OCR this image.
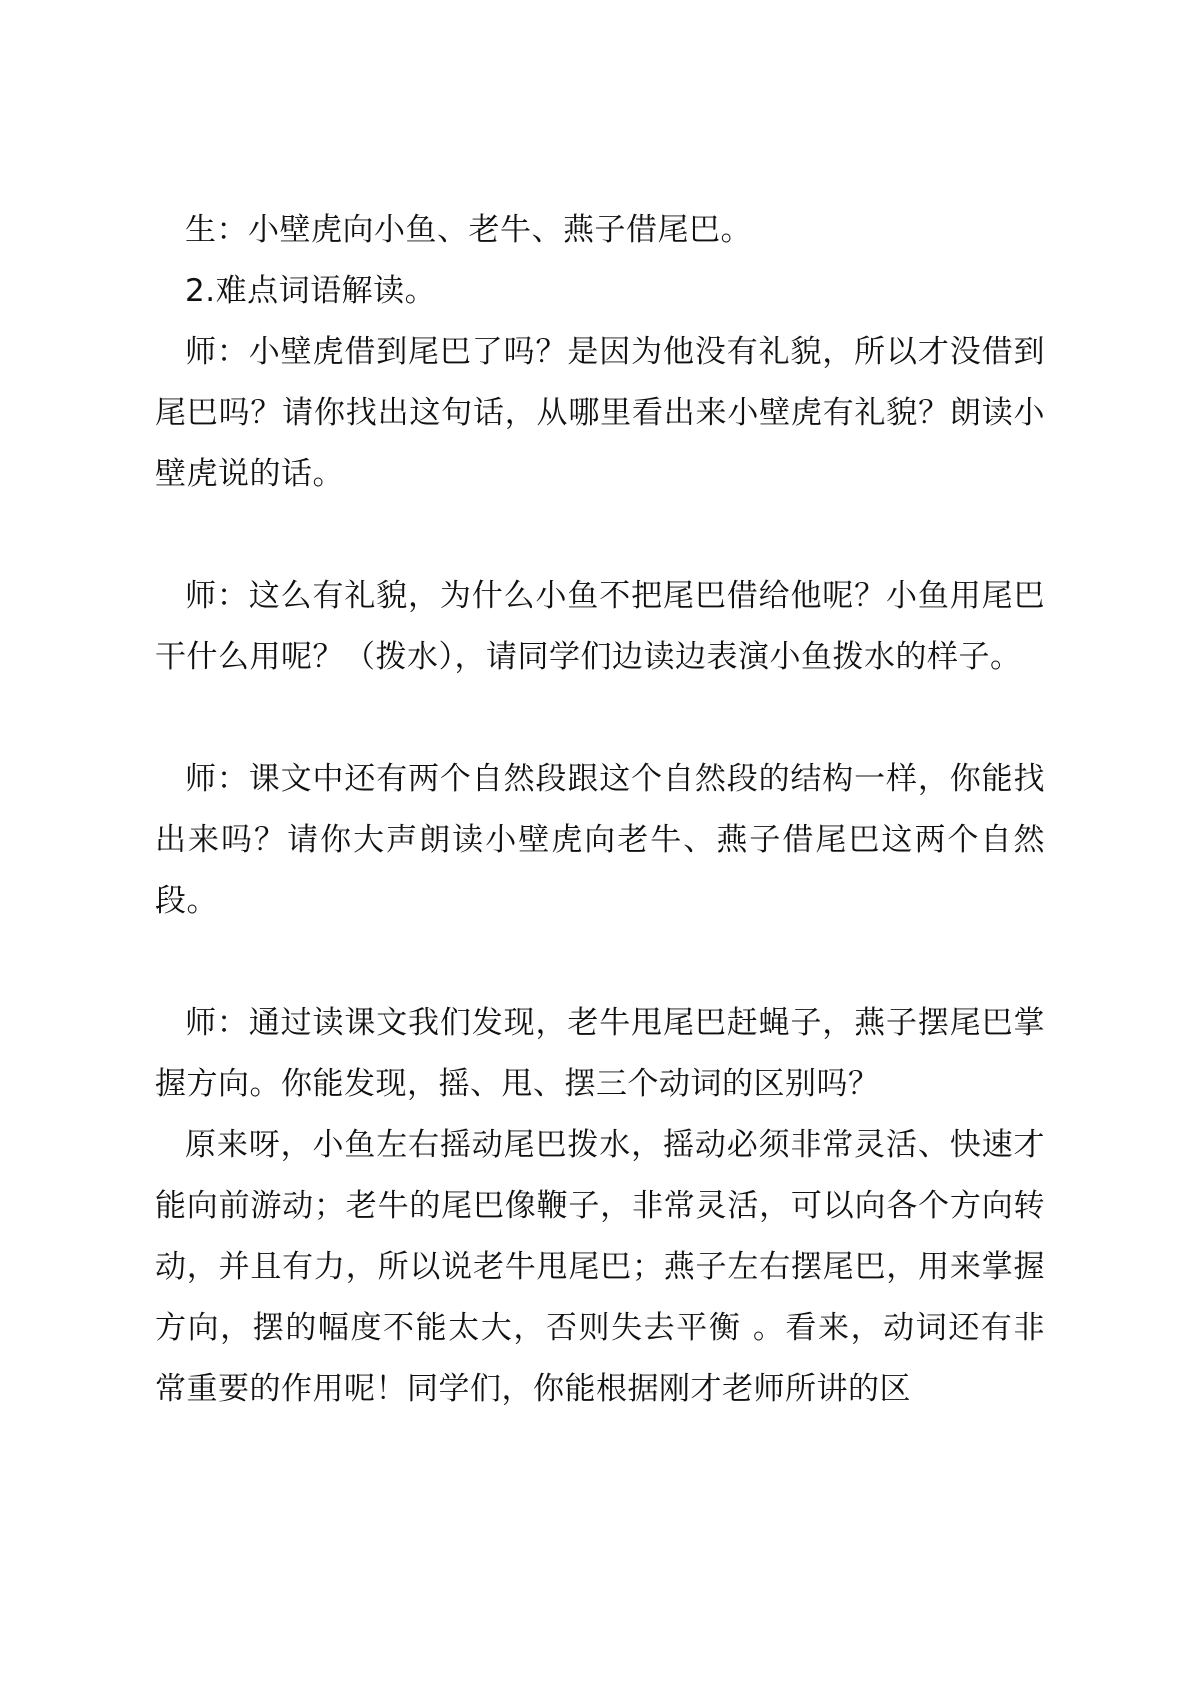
生：小壁虎向小鱼、老牛、燕子借尾巴。

2.难点词语解读。

师：小壁虎借到尾巴了吗？是因为他没有礼貌，所以才没借到尾巴吗？请你找出这句话，从哪里看出来小壁虎有礼貌？朗读小壁虎说的话。

师：这么有礼貌，为什么小鱼不把尾巴借给他呢？小鱼用尾巴干什么用呢？（拨水），请同学们边读边表演小鱼拨水的样子。

师：课文中还有两个自然段跟这个自然段的结构一样，你能找出来吗？请你大声朗读小壁虎向老牛、燕子借尾巴这两个自然段。

师：通过读课文我们发现，老牛甩尾巴赶蝇子，燕子摆尾巴掌握方向。你能发现，摇、甩、摆三个动词的区别吗？

原来呀，小鱼左右摇动尾巴拨水，摇动必须非常灵活、快速才能向前游动；老牛的尾巴像鞭子，非常灵活，可以向各个方向转动，并且有力，所以说老牛甩尾巴；燕子左右摆尾巴，用来掌握方向，摆的幅度不能太大，否则失去平衡 。看来，动词还有非常重要的作用呢！同学们，你能根据刚才老师所讲的区
